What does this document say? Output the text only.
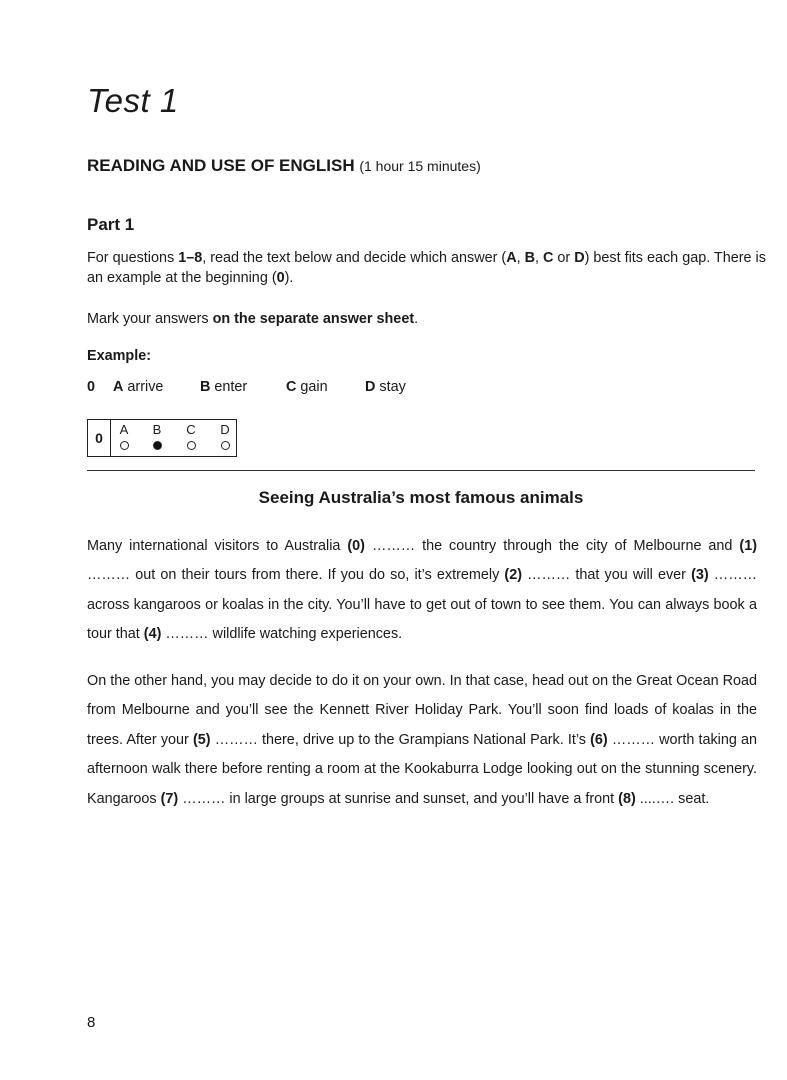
Test 1
READING AND USE OF ENGLISH (1 hour 15 minutes)
Part 1

For questions 1–8, read the text below and decide which answer (A, B, C or D) best fits each gap. There is an example at the beginning (0).

Mark your answers on the separate answer sheet.

Example:

0 A arrive	B enter	C gain	D stay
0
A B C D
Seeing Australia’s most famous animals

Many international visitors to Australia (0) ……… the country through the city of Melbourne and (1) ……… out on their tours from there. If you do so, it’s extremely (2) ……… that you will ever (3) ……… across kangaroos or koalas in the city. You’ll have to get out of town to see them. You can always book a tour that (4) ……… wildlife watching experiences.

On the other hand, you may decide to do it on your own. In that case, head out on the Great Ocean Road from Melbourne and you’ll see the Kennett River Holiday Park. You’ll soon find loads of koalas in the trees. After your (5) ……… there, drive up to the Grampians National Park. It’s (6) ……… worth taking an afternoon walk there before renting a room at the Kookaburra Lodge looking out on the stunning scenery. Kangaroos (7) ……… in large groups at sunrise and sunset, and you’ll have a front (8) ....…. seat.

8
